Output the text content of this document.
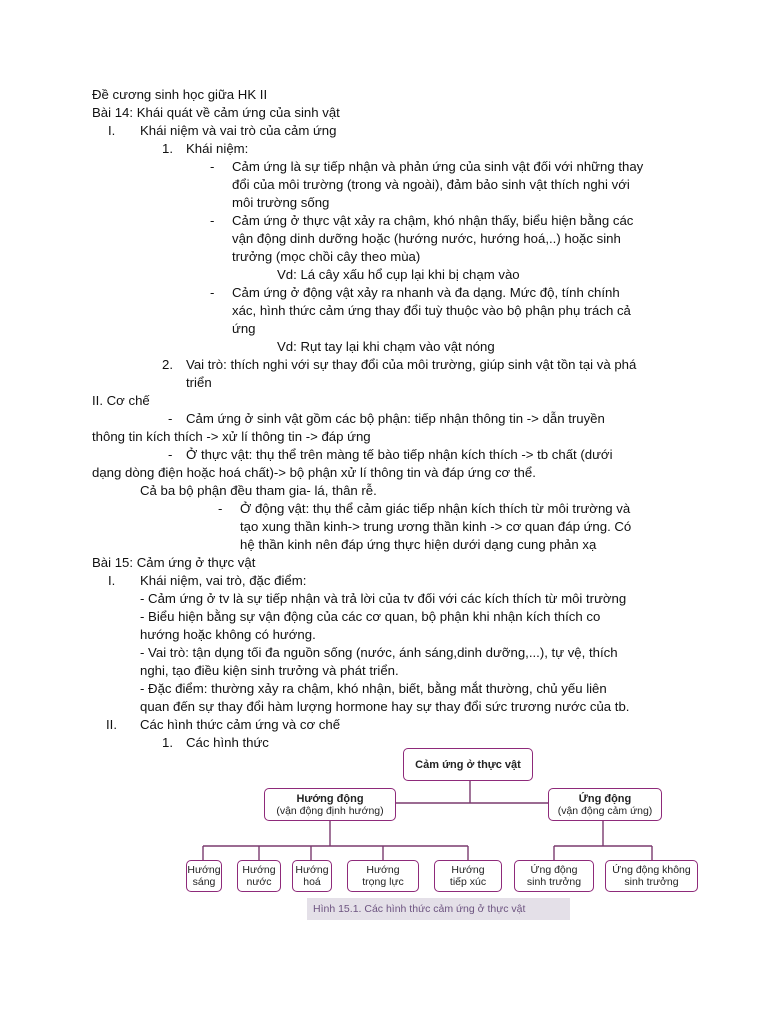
Đề cương sinh học giữa HK II
Bài 14: Khái quát về cảm ứng của sinh vật
I. Khái niệm và vai trò của cảm ứng
1. Khái niệm:
- Cảm ứng là sự tiếp nhận và phản ứng của sinh vật đối với những thay
đổi của môi trường (trong và ngoài), đảm bảo sinh vật thích nghi với
môi trường sống
- Cảm ứng ở thực vật xảy ra chậm, khó nhận thấy, biểu hiện bằng các
vận động dinh dưỡng hoặc (hướng nước, hướng hoá,..) hoặc sinh
trưởng (mọc chồi cây theo mùa)
Vd: Lá cây xấu hổ cụp lại khi bị chạm vào
- Cảm ứng ở động vật xảy ra nhanh và đa dạng. Mức độ, tính chính
xác, hình thức cảm ứng thay đổi tuỳ thuộc vào bộ phận phụ trách cả
ứng
Vd: Rụt tay lại khi chạm vào vật nóng
2. Vai trò: thích nghi với sự thay đổi của môi trường, giúp sinh vật tồn tại và phá
triển
II. Cơ chế
- Cảm ứng ở sinh vật gồm các bộ phận: tiếp nhận thông tin -> dẫn truyền
thông tin kích thích -> xử lí thông tin -> đáp ứng
- Ở thực vật: thụ thể trên màng tế bào tiếp nhận kích thích -> tb chất (dưới
dạng dòng điện hoặc hoá chất)-> bộ phận xử lí thông tin và đáp ứng cơ thể.
Cả ba bộ phận đều tham gia- lá, thân rễ.
- Ở động vật: thụ thể cảm giác tiếp nhận kích thích từ môi trường và
tạo xung thần kinh-> trung ương thần kinh -> cơ quan đáp ứng. Có
hệ thần kinh nên đáp ứng thực hiện dưới dạng cung phản xạ
Bài 15: Cảm ứng ở thực vật
I. Khái niệm, vai trò, đặc điểm:
- Cảm ứng ở tv là sự tiếp nhận và trả lời của tv đối với các kích thích từ môi trường
- Biểu hiện bằng sự vận động của các cơ quan, bộ phận khi nhận kích thích co
hướng hoặc không có hướng.
- Vai trò: tận dụng tối đa nguồn sống (nước, ánh sáng,dinh dưỡng,...), tự vệ, thích
nghi, tạo điều kiện sinh trưởng và phát triển.
- Đặc điểm: thường xảy ra chậm, khó nhận, biết, bằng mắt thường, chủ yếu liên
quan đến sự thay đổi hàm lượng hormone hay sự thay đổi sức trương nước của tb.
II. Các hình thức cảm ứng và cơ chế
1. Các hình thức
Cảm ứng ở thực vật
Hướng động
(vận động định hướng)
Ứng động
(vận động cảm ứng)
Hướng
sáng
Hướng
nước
Hướng
hoá
Hướng
trọng lực
Hướng
tiếp xúc
Ứng động
sinh trưởng
Ứng động không
sinh trưởng
Hình 15.1. Các hình thức cảm ứng ở thực vật
